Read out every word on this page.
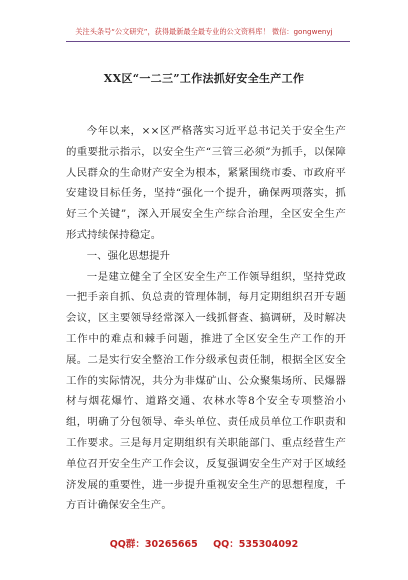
关注头条号“公文研究”，获得最新最全最专业的公文资料库！ 微信：gongwenyj
XX区“一二三”工作法抓好安全生产工作

今年以来，××区严格落实习近平总书记关于安全生产的重要批示指示，以安全生产“三管三必须”为抓手，以保障人民群众的生命财产安全为根本，紧紧围绕市委、市政府平安建设目标任务，坚持“强化一个提升，确保两项落实，抓好三个关键”，深入开展安全生产综合治理，全区安全生产形式持续保持稳定。

一、强化思想提升

一是建立健全了全区安全生产工作领导组织，坚持党政一把手亲自抓、负总责的管理体制，每月定期组织召开专题会议，区主要领导经常深入一线抓督查、搞调研，及时解决工作中的难点和棘手问题，推进了全区安全生产工作的开展。二是实行安全整治工作分级承包责任制，根据全区安全工作的实际情况，共分为非煤矿山、公众聚集场所、民爆器材与烟花爆竹、道路交通、农林水等8个安全专项整治小组，明确了分包领导、牵头单位、责任成员单位工作职责和工作要求。三是每月定期组织有关职能部门、重点经营生产单位召开安全生产工作会议，反复强调安全生产对于区域经济发展的重要性，进一步提升重视安全生产的思想程度，千方百计确保安全生产。

QQ群：30265665 QQ：535304092
